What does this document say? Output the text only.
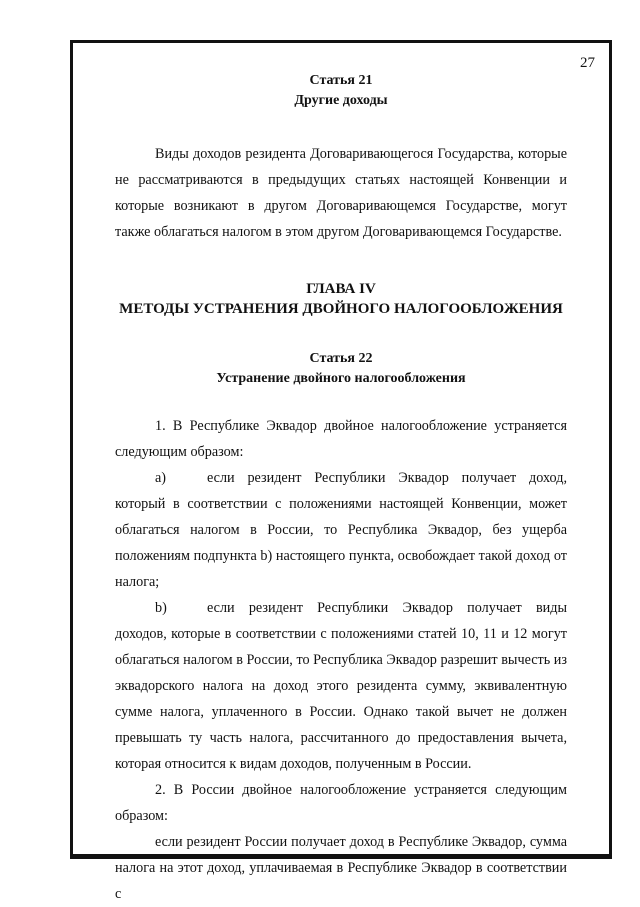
27
Статья 21
Другие доходы

Виды доходов резидента Договаривающегося Государства, которые не рассматриваются в предыдущих статьях настоящей Конвенции и которые возникают в другом Договаривающемся Государстве, могут также облагаться налогом в этом другом Договаривающемся Государстве.

ГЛАВА IV
МЕТОДЫ УСТРАНЕНИЯ ДВОЙНОГО НАЛОГООБЛОЖЕНИЯ
Статья 22
Устранение двойного налогообложения

1. В Республике Эквадор двойное налогообложение устраняется следующим образом:

а)	если резидент Республики Эквадор получает доход, который в соответствии с положениями настоящей Конвенции, может облагаться налогом в России, то Республика Эквадор, без ущерба положениям подпункта b) настоящего пункта, освобождает такой доход от налога;

b)	если резидент Республики Эквадор получает виды доходов, которые в соответствии с положениями статей 10, 11 и 12 могут облагаться налогом в России, то Республика Эквадор разрешит вычесть из эквадорского налога на доход этого резидента сумму, эквивалентную сумме налога, уплаченного в России. Однако такой вычет не должен превышать ту часть налога, рассчитанного до предоставления вычета, которая относится к видам доходов, полученным в России.

2. В России двойное налогообложение устраняется следующим образом:

если резидент России получает доход в Республике Эквадор, сумма налога на этот доход, уплачиваемая в Республике Эквадор в соответствии с
